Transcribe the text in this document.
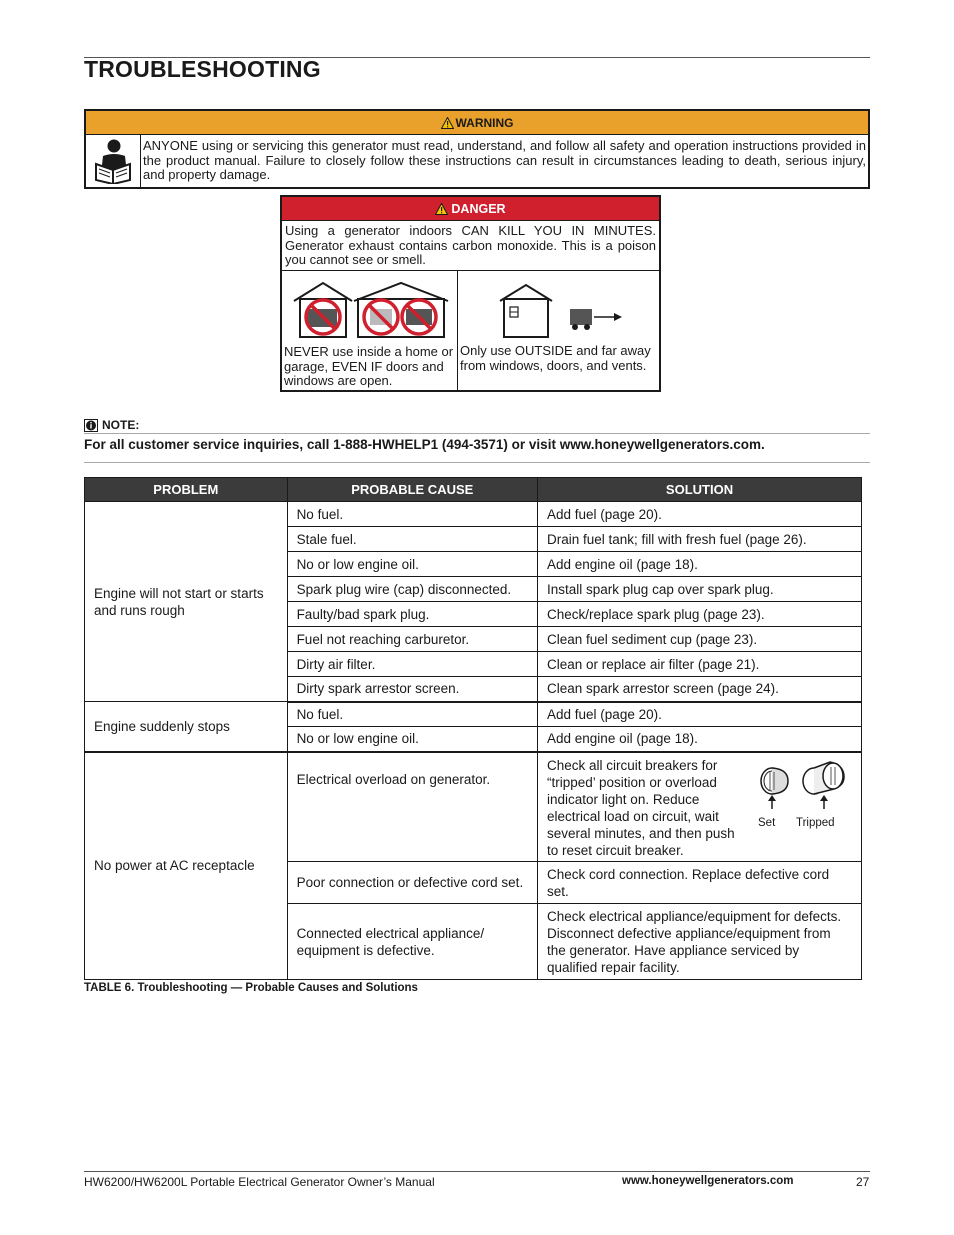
TROUBLESHOOTING
WARNING
ANYONE using or servicing this generator must read, understand, and follow all safety and operation instructions provided in the product manual. Failure to closely follow these instructions can result in circumstances leading to death, serious injury, and property damage.
DANGER
Using a generator indoors CAN KILL YOU IN MINUTES. Generator exhaust contains carbon monoxide. This is a poison you cannot see or smell.
NEVER use inside a home or garage, EVEN IF doors and windows are open.
Only use OUTSIDE and far away from windows, doors, and vents.
NOTE:
For all customer service inquiries, call 1-888-HWHELP1 (494-3571) or visit www.honeywellgenerators.com.
PROBLEM	PROBABLE CAUSE	SOLUTION
Engine will not start or starts and runs rough	No fuel.	Add fuel (page 20).
	Stale fuel.	Drain fuel tank; fill with fresh fuel (page 26).
	No or low engine oil.	Add engine oil (page 18).
	Spark plug wire (cap) disconnected.	Install spark plug cap over spark plug.
	Faulty/bad spark plug.	Check/replace spark plug (page 23).
	Fuel not reaching carburetor.	Clean fuel sediment cup (page 23).
	Dirty air filter.	Clean or replace air filter (page 21).
	Dirty spark arrestor screen.	Clean spark arrestor screen (page 24).
Engine suddenly stops	No fuel.	Add fuel (page 20).
	No or low engine oil.	Add engine oil (page 18).
No power at AC receptacle	Electrical overload on generator.	Check all circuit breakers for “tripped’ position or overload indicator light on. Reduce electrical load on circuit, wait several minutes, and then push to reset circuit breaker.
Set Tripped

	Poor connection or defective cord set.	Check cord connection. Replace defective cord set.
	Connected electrical appliance/ equipment is defective.	Check electrical appliance/equipment for defects. Disconnect defective appliance/equipment from the generator. Have appliance serviced by qualified repair facility.
TABLE 6. Troubleshooting — Probable Causes and Solutions
HW6200/HW6200L Portable Electrical Generator Owner’s Manual	www.honeywellgenerators.com	27
